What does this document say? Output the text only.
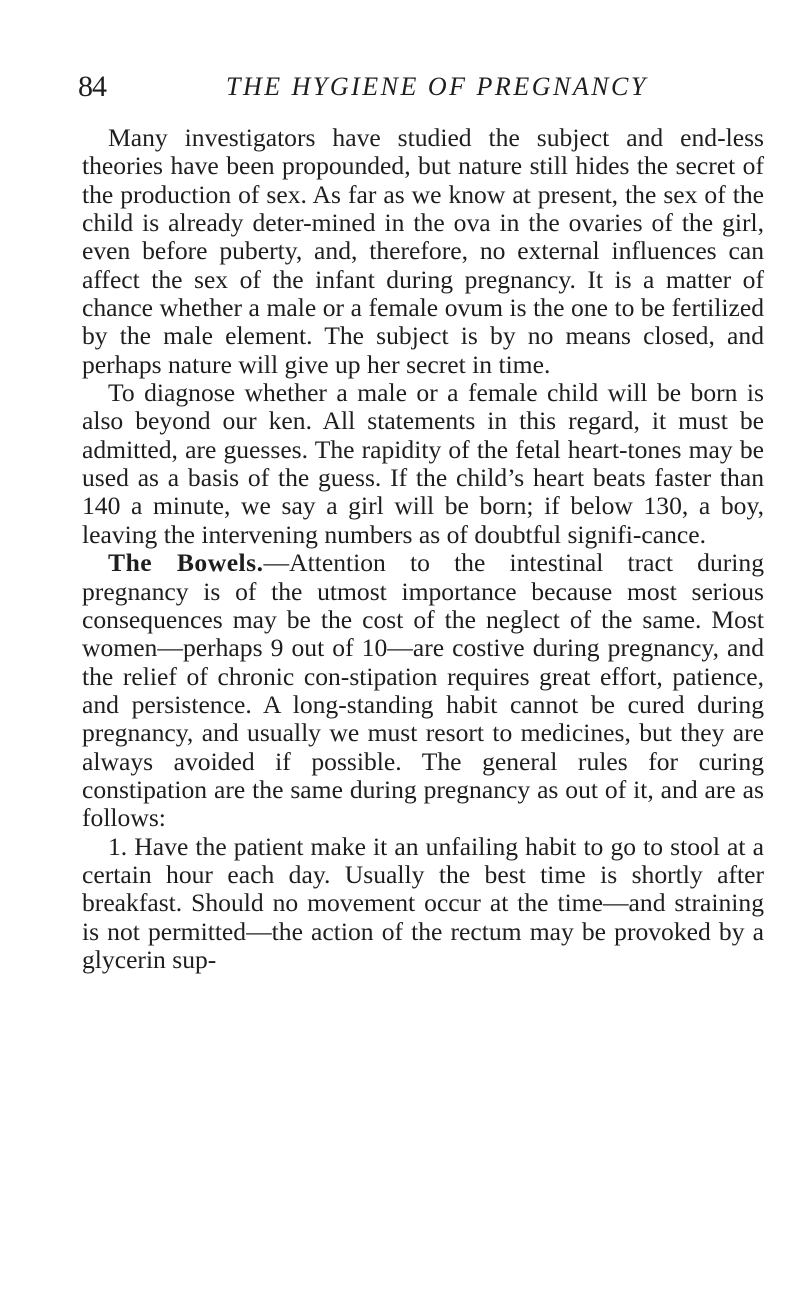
84	THE HYGIENE OF PREGNANCY

Many investigators have studied the subject and end-less theories have been propounded, but nature still hides the secret of the production of sex. As far as we know at present, the sex of the child is already deter-mined in the ova in the ovaries of the girl, even before puberty, and, therefore, no external influences can affect the sex of the infant during pregnancy. It is a matter of chance whether a male or a female ovum is the one to be fertilized by the male element. The subject is by no means closed, and perhaps nature will give up her secret in time.

To diagnose whether a male or a female child will be born is also beyond our ken. All statements in this regard, it must be admitted, are guesses. The rapidity of the fetal heart-tones may be used as a basis of the guess. If the child’s heart beats faster than 140 a minute, we say a girl will be born; if below 130, a boy, leaving the intervening numbers as of doubtful signifi-cance.

The Bowels.—Attention to the intestinal tract during pregnancy is of the utmost importance because most serious consequences may be the cost of the neglect of the same. Most women—perhaps 9 out of 10—are costive during pregnancy, and the relief of chronic con-stipation requires great effort, patience, and persistence. A long-standing habit cannot be cured during pregnancy, and usually we must resort to medicines, but they are always avoided if possible. The general rules for curing constipation are the same during pregnancy as out of it, and are as follows:

1. Have the patient make it an unfailing habit to go to stool at a certain hour each day. Usually the best time is shortly after breakfast. Should no movement occur at the time—and straining is not permitted—the action of the rectum may be provoked by a glycerin sup-
